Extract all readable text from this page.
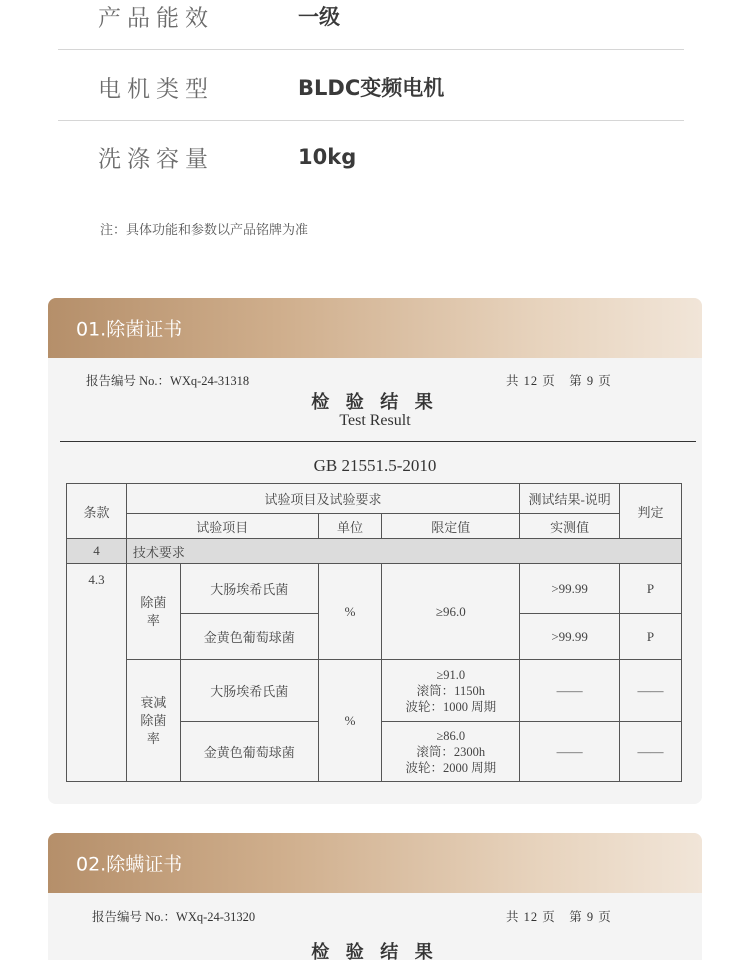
产品能效	一级
电机类型	BLDC变频电机
洗涤容量	10kg
注：具体功能和参数以产品铭牌为准
01.除菌证书
报告编号 No.：WXq-24-31318	共 12 页　第 9 页
检 验 结 果
Test Result
GB 21551.5-2010
条款	试验项目及试验要求				测试结果-说明	判定
	试验项目		单位	限定值	实测值	
4	技术要求					
4.3	除菌率	大肠埃希氏菌	%	≥96.0	>99.99	P
		金黄色葡萄球菌			>99.99	P

	衰减除菌率	大肠埃希氏菌	%	≥91.0
滚筒：1150h
波轮：1000 周期	——	——
		金黄色葡萄球菌		≥86.0
滚筒：2300h
波轮：2000 周期	——	——
02.除螨证书
报告编号 No.：WXq-24-31320	共 12 页　第 9 页
检 验 结 果
